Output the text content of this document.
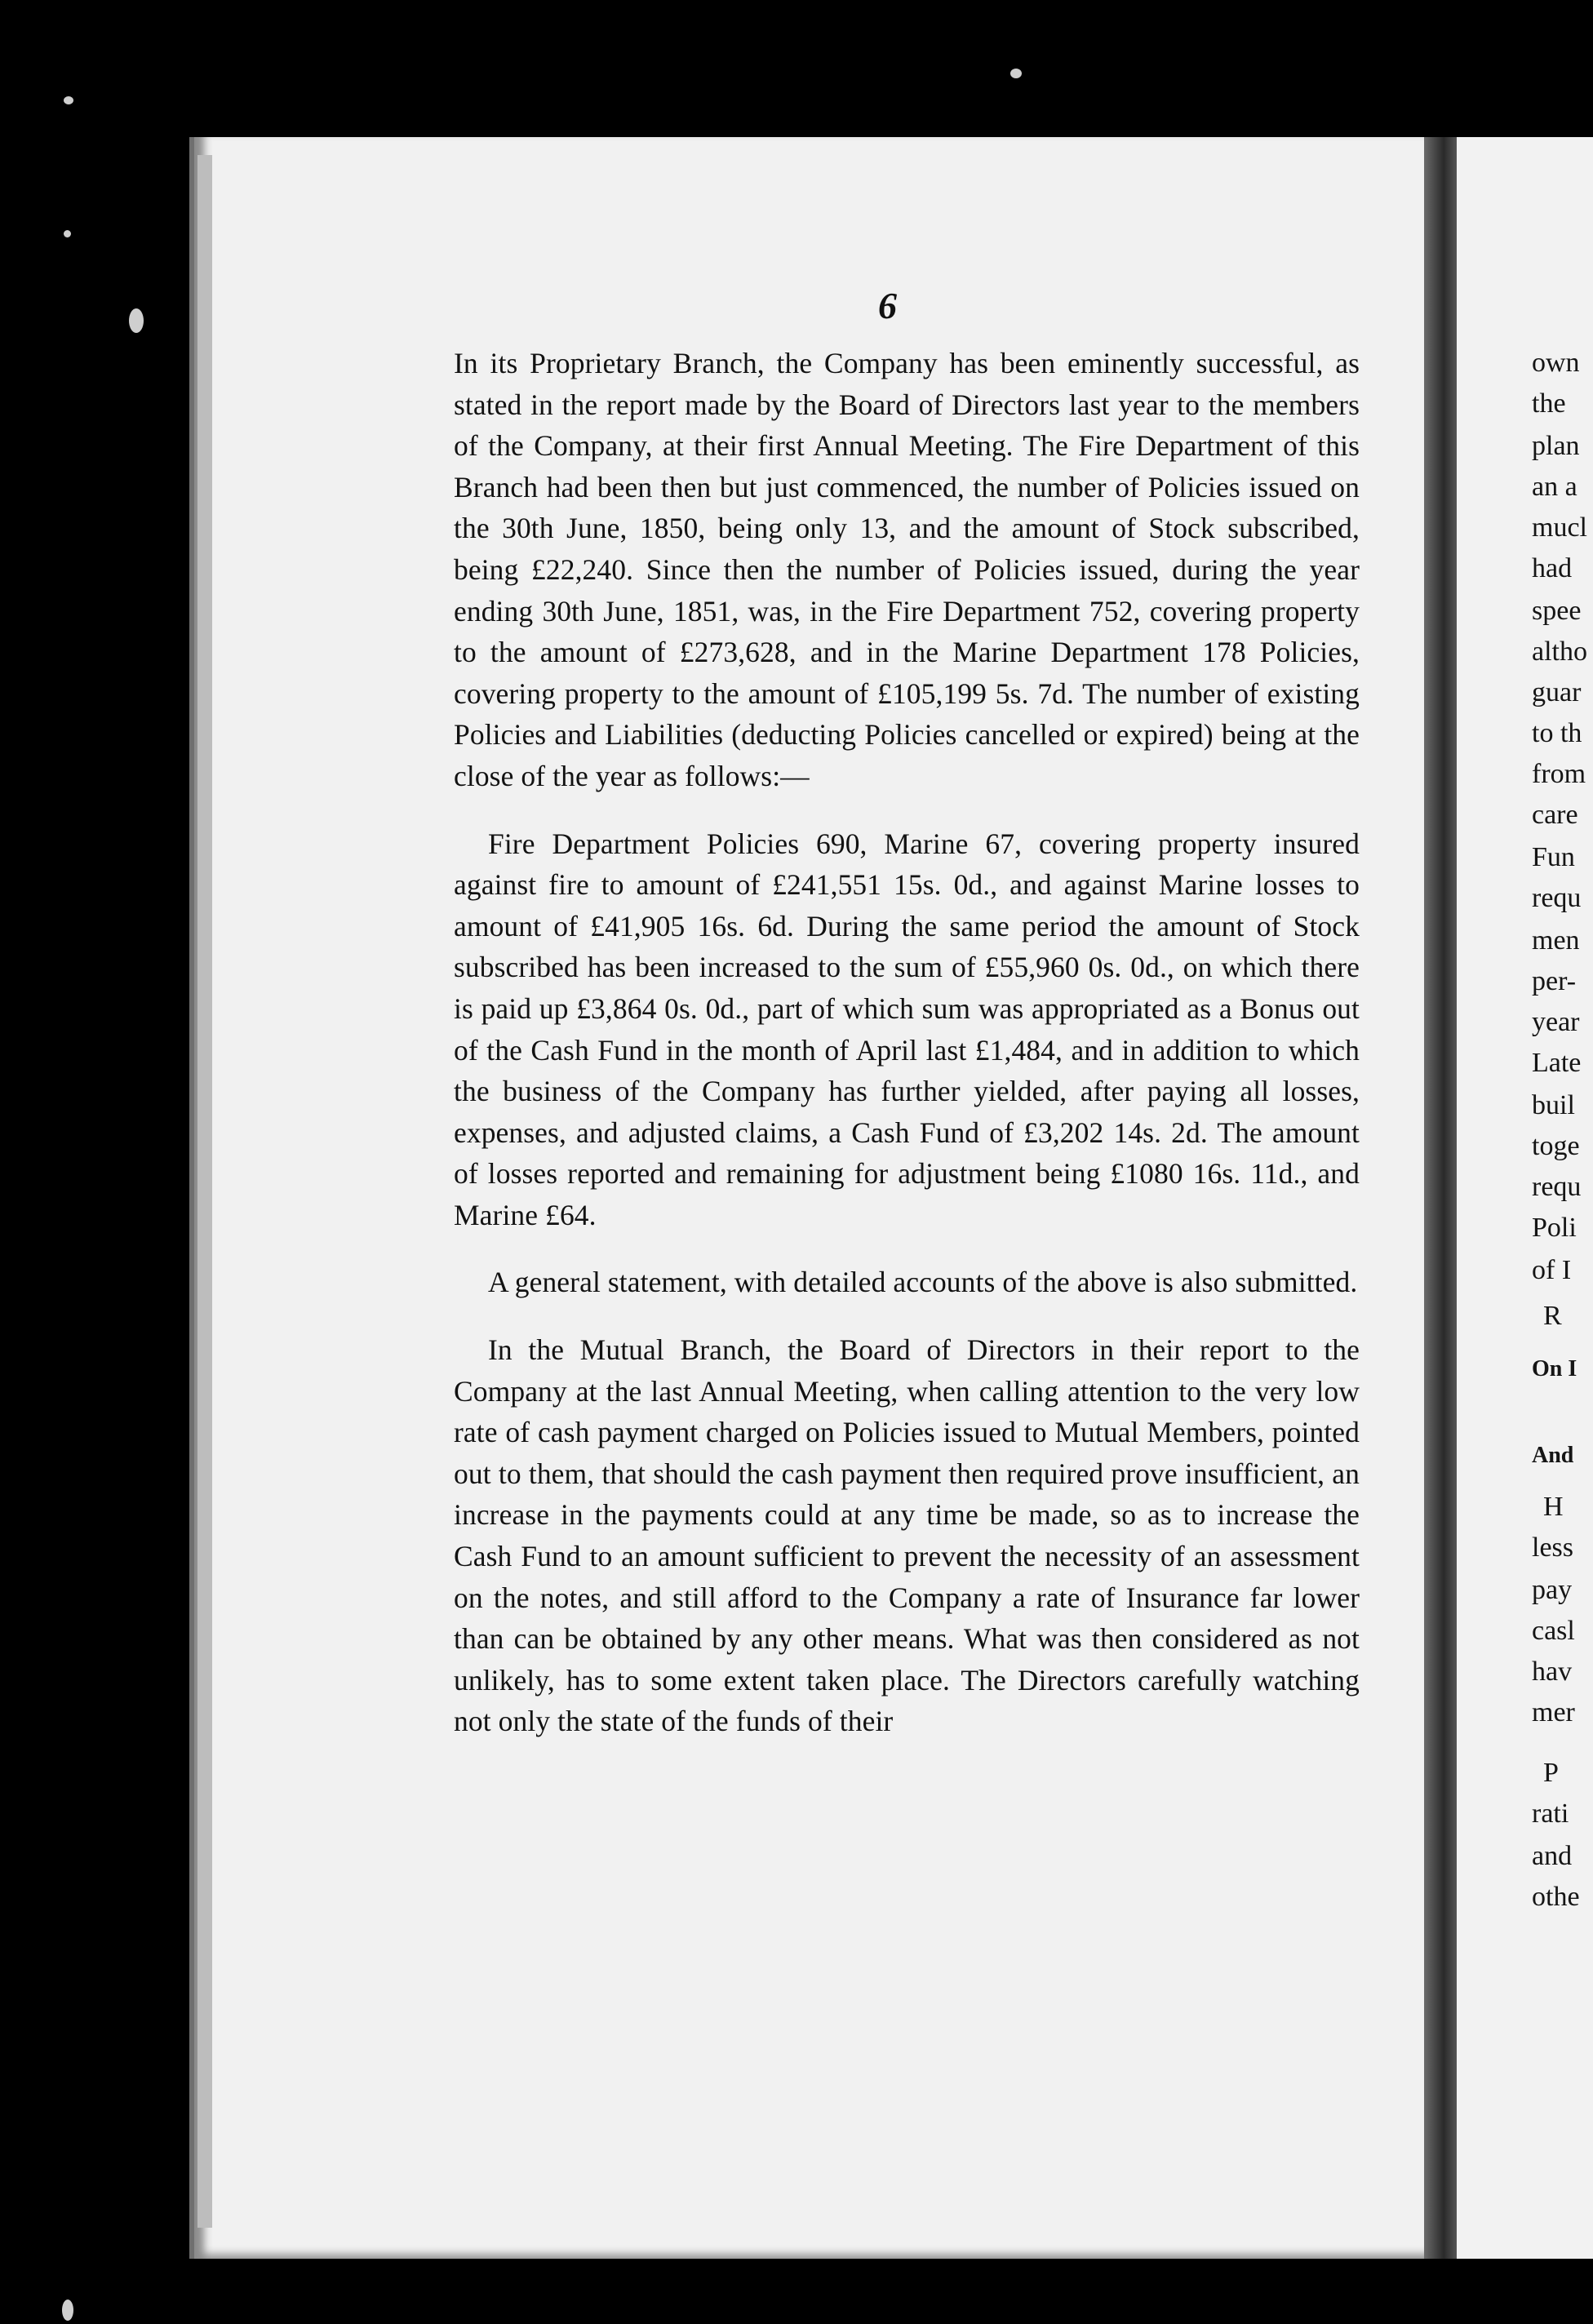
own
the
plan
an a
mucl
had
spee
altho
guar
to th
from
care
Fun
requ
men
per-
year
Late
buil
toge
requ
Poli
of I
R
On I
And
H
less
pay
casl
hav
mer
P
rati
and
othe
6

In its Proprietary Branch, the Company has been eminently successful, as stated in the report made by the Board of Directors last year to the members of the Company, at their first Annual Meeting. The Fire Department of this Branch had been then but just commenced, the number of Policies issued on the 30th June, 1850, being only 13, and the amount of Stock subscribed, being £22,240. Since then the number of Policies issued, during the year ending 30th June, 1851, was, in the Fire Department 752, covering property to the amount of £273,628, and in the Marine Department 178 Policies, covering property to the amount of £105,199 5s. 7d. The number of existing Policies and Liabilities (deducting Policies cancelled or expired) being at the close of the year as follows:—

Fire Department Policies 690, Marine 67, covering property insured against fire to amount of £241,551 15s. 0d., and against Marine losses to amount of £41,905 16s. 6d. During the same period the amount of Stock subscribed has been increased to the sum of £55,960 0s. 0d., on which there is paid up £3,864 0s. 0d., part of which sum was appropriated as a Bonus out of the Cash Fund in the month of April last £1,484, and in addition to which the business of the Company has further yielded, after paying all losses, expenses, and adjusted claims, a Cash Fund of £3,202 14s. 2d. The amount of losses reported and remaining for adjustment being £1080 16s. 11d., and Marine £64.

A general statement, with detailed accounts of the above is also submitted.

In the Mutual Branch, the Board of Directors in their report to the Company at the last Annual Meeting, when calling attention to the very low rate of cash payment charged on Policies issued to Mutual Members, pointed out to them, that should the cash payment then required prove insufficient, an increase in the payments could at any time be made, so as to increase the Cash Fund to an amount sufficient to prevent the necessity of an assessment on the notes, and still afford to the Company a rate of Insurance far lower than can be obtained by any other means. What was then considered as not unlikely, has to some extent taken place. The Directors carefully watching not only the state of the funds of their
